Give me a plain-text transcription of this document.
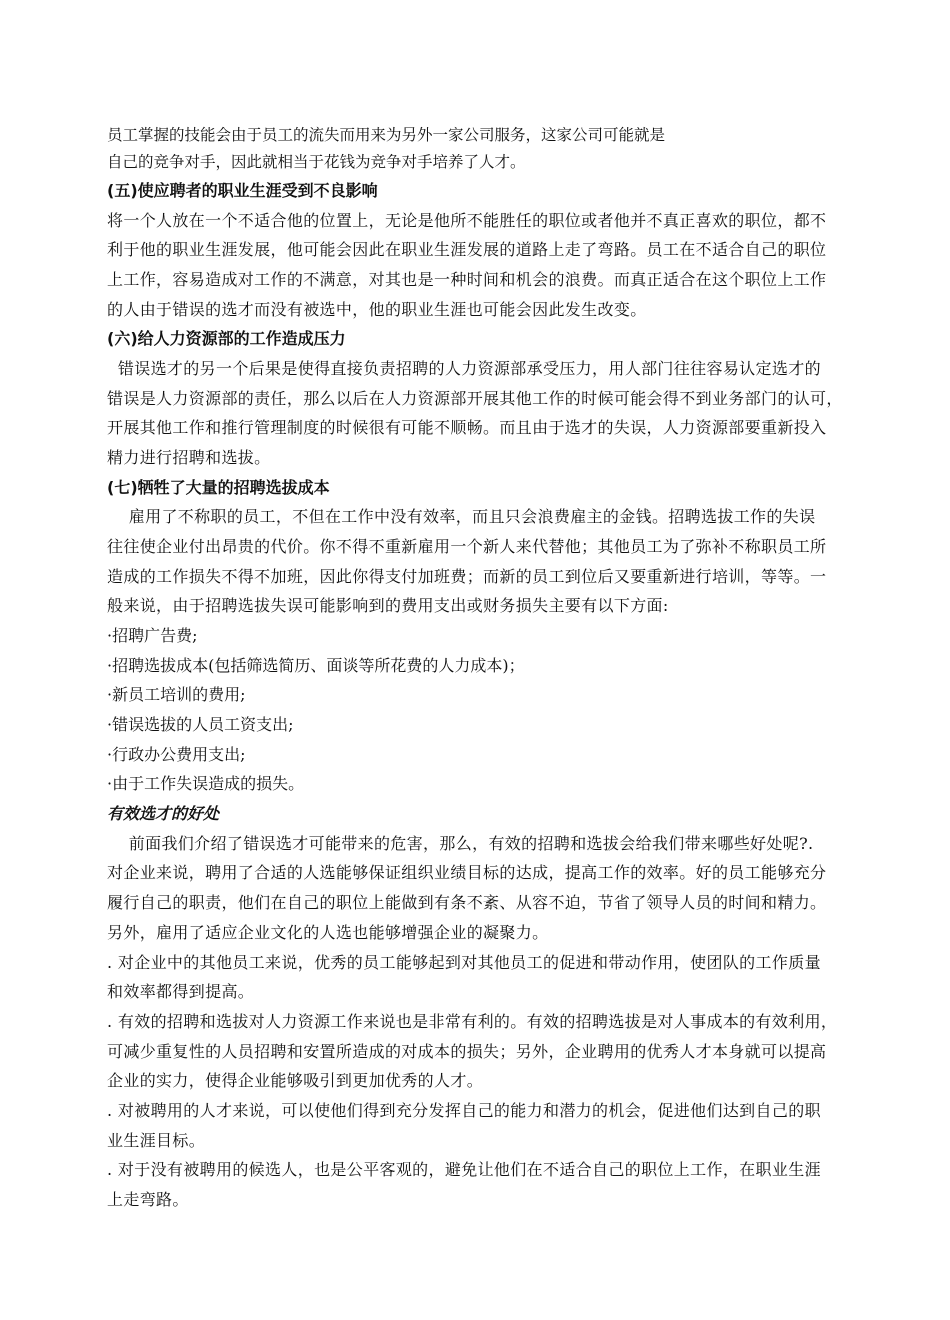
员工掌握的技能会由于员工的流失而用来为另外一家公司服务，这家公司可能就是
自己的竞争对手，因此就相当于花钱为竞争对手培养了人才。
(五)使应聘者的职业生涯受到不良影响
将一个人放在一个不适合他的位置上，无论是他所不能胜任的职位或者他并不真正喜欢的职位，都不
利于他的职业生涯发展，他可能会因此在职业生涯发展的道路上走了弯路。员工在不适合自己的职位
上工作，容易造成对工作的不满意，对其也是一种时间和机会的浪费。而真正适合在这个职位上工作
的人由于错误的选才而没有被选中，他的职业生涯也可能会因此发生改变。
(六)给人力资源部的工作造成压力
错误选才的另一个后果是使得直接负责招聘的人力资源部承受压力，用人部门往往容易认定选才的
错误是人力资源部的责任，那么以后在人力资源部开展其他工作的时候可能会得不到业务部门的认可，
开展其他工作和推行管理制度的时候很有可能不顺畅。而且由于选才的失误，人力资源部要重新投入
精力进行招聘和选拔。
(七)牺牲了大量的招聘选拔成本
雇用了不称职的员工，不但在工作中没有效率，而且只会浪费雇主的金钱。招聘选拔工作的失误
往往使企业付出昂贵的代价。你不得不重新雇用一个新人来代替他；其他员工为了弥补不称职员工所
造成的工作损失不得不加班，因此你得支付加班费；而新的员工到位后又要重新进行培训，等等。一
般来说，由于招聘选拔失误可能影响到的费用支出或财务损失主要有以下方面:
·招聘广告费;
·招聘选拔成本(包括筛选简历、面谈等所花费的人力成本)；
·新员工培训的费用;
·错误选拔的人员工资支出;
·行政办公费用支出;
·由于工作失误造成的损失。
有效选才的好处
前面我们介绍了错误选才可能带来的危害，那么，有效的招聘和选拔会给我们带来哪些好处呢?.
对企业来说，聘用了合适的人选能够保证组织业绩目标的达成，提高工作的效率。好的员工能够充分
履行自己的职责，他们在自己的职位上能做到有条不紊、从容不迫，节省了领导人员的时间和精力。
另外，雇用了适应企业文化的人选也能够增强企业的凝聚力。
. 对企业中的其他员工来说，优秀的员工能够起到对其他员工的促进和带动作用，使团队的工作质量
和效率都得到提高。
. 有效的招聘和选拔对人力资源工作来说也是非常有利的。有效的招聘选拔是对人事成本的有效利用，
可减少重复性的人员招聘和安置所造成的对成本的损失；另外，企业聘用的优秀人才本身就可以提高
企业的实力，使得企业能够吸引到更加优秀的人才。
. 对被聘用的人才来说，可以使他们得到充分发挥自己的能力和潜力的机会，促进他们达到自己的职
业生涯目标。
. 对于没有被聘用的候选人，也是公平客观的，避免让他们在不适合自己的职位上工作，在职业生涯
上走弯路。
